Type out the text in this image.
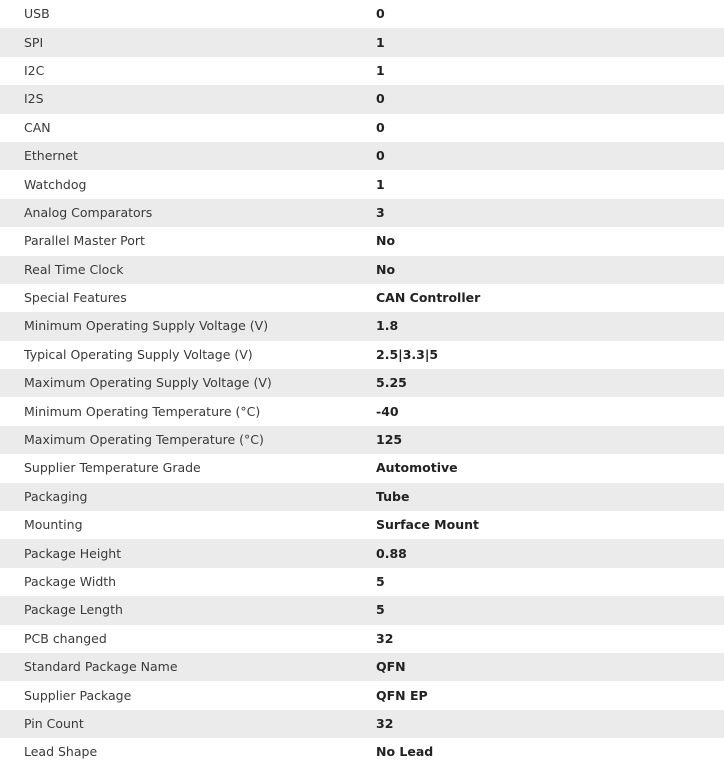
USB	0
SPI	1
I2C	1
I2S	0
CAN	0
Ethernet	0
Watchdog	1
Analog Comparators	3
Parallel Master Port	No
Real Time Clock	No
Special Features	CAN Controller
Minimum Operating Supply Voltage (V)	1.8
Typical Operating Supply Voltage (V)	2.5|3.3|5
Maximum Operating Supply Voltage (V)	5.25
Minimum Operating Temperature (°C)	-40
Maximum Operating Temperature (°C)	125
Supplier Temperature Grade	Automotive
Packaging	Tube
Mounting	Surface Mount
Package Height	0.88
Package Width	5
Package Length	5
PCB changed	32
Standard Package Name	QFN
Supplier Package	QFN EP
Pin Count	32
Lead Shape	No Lead
